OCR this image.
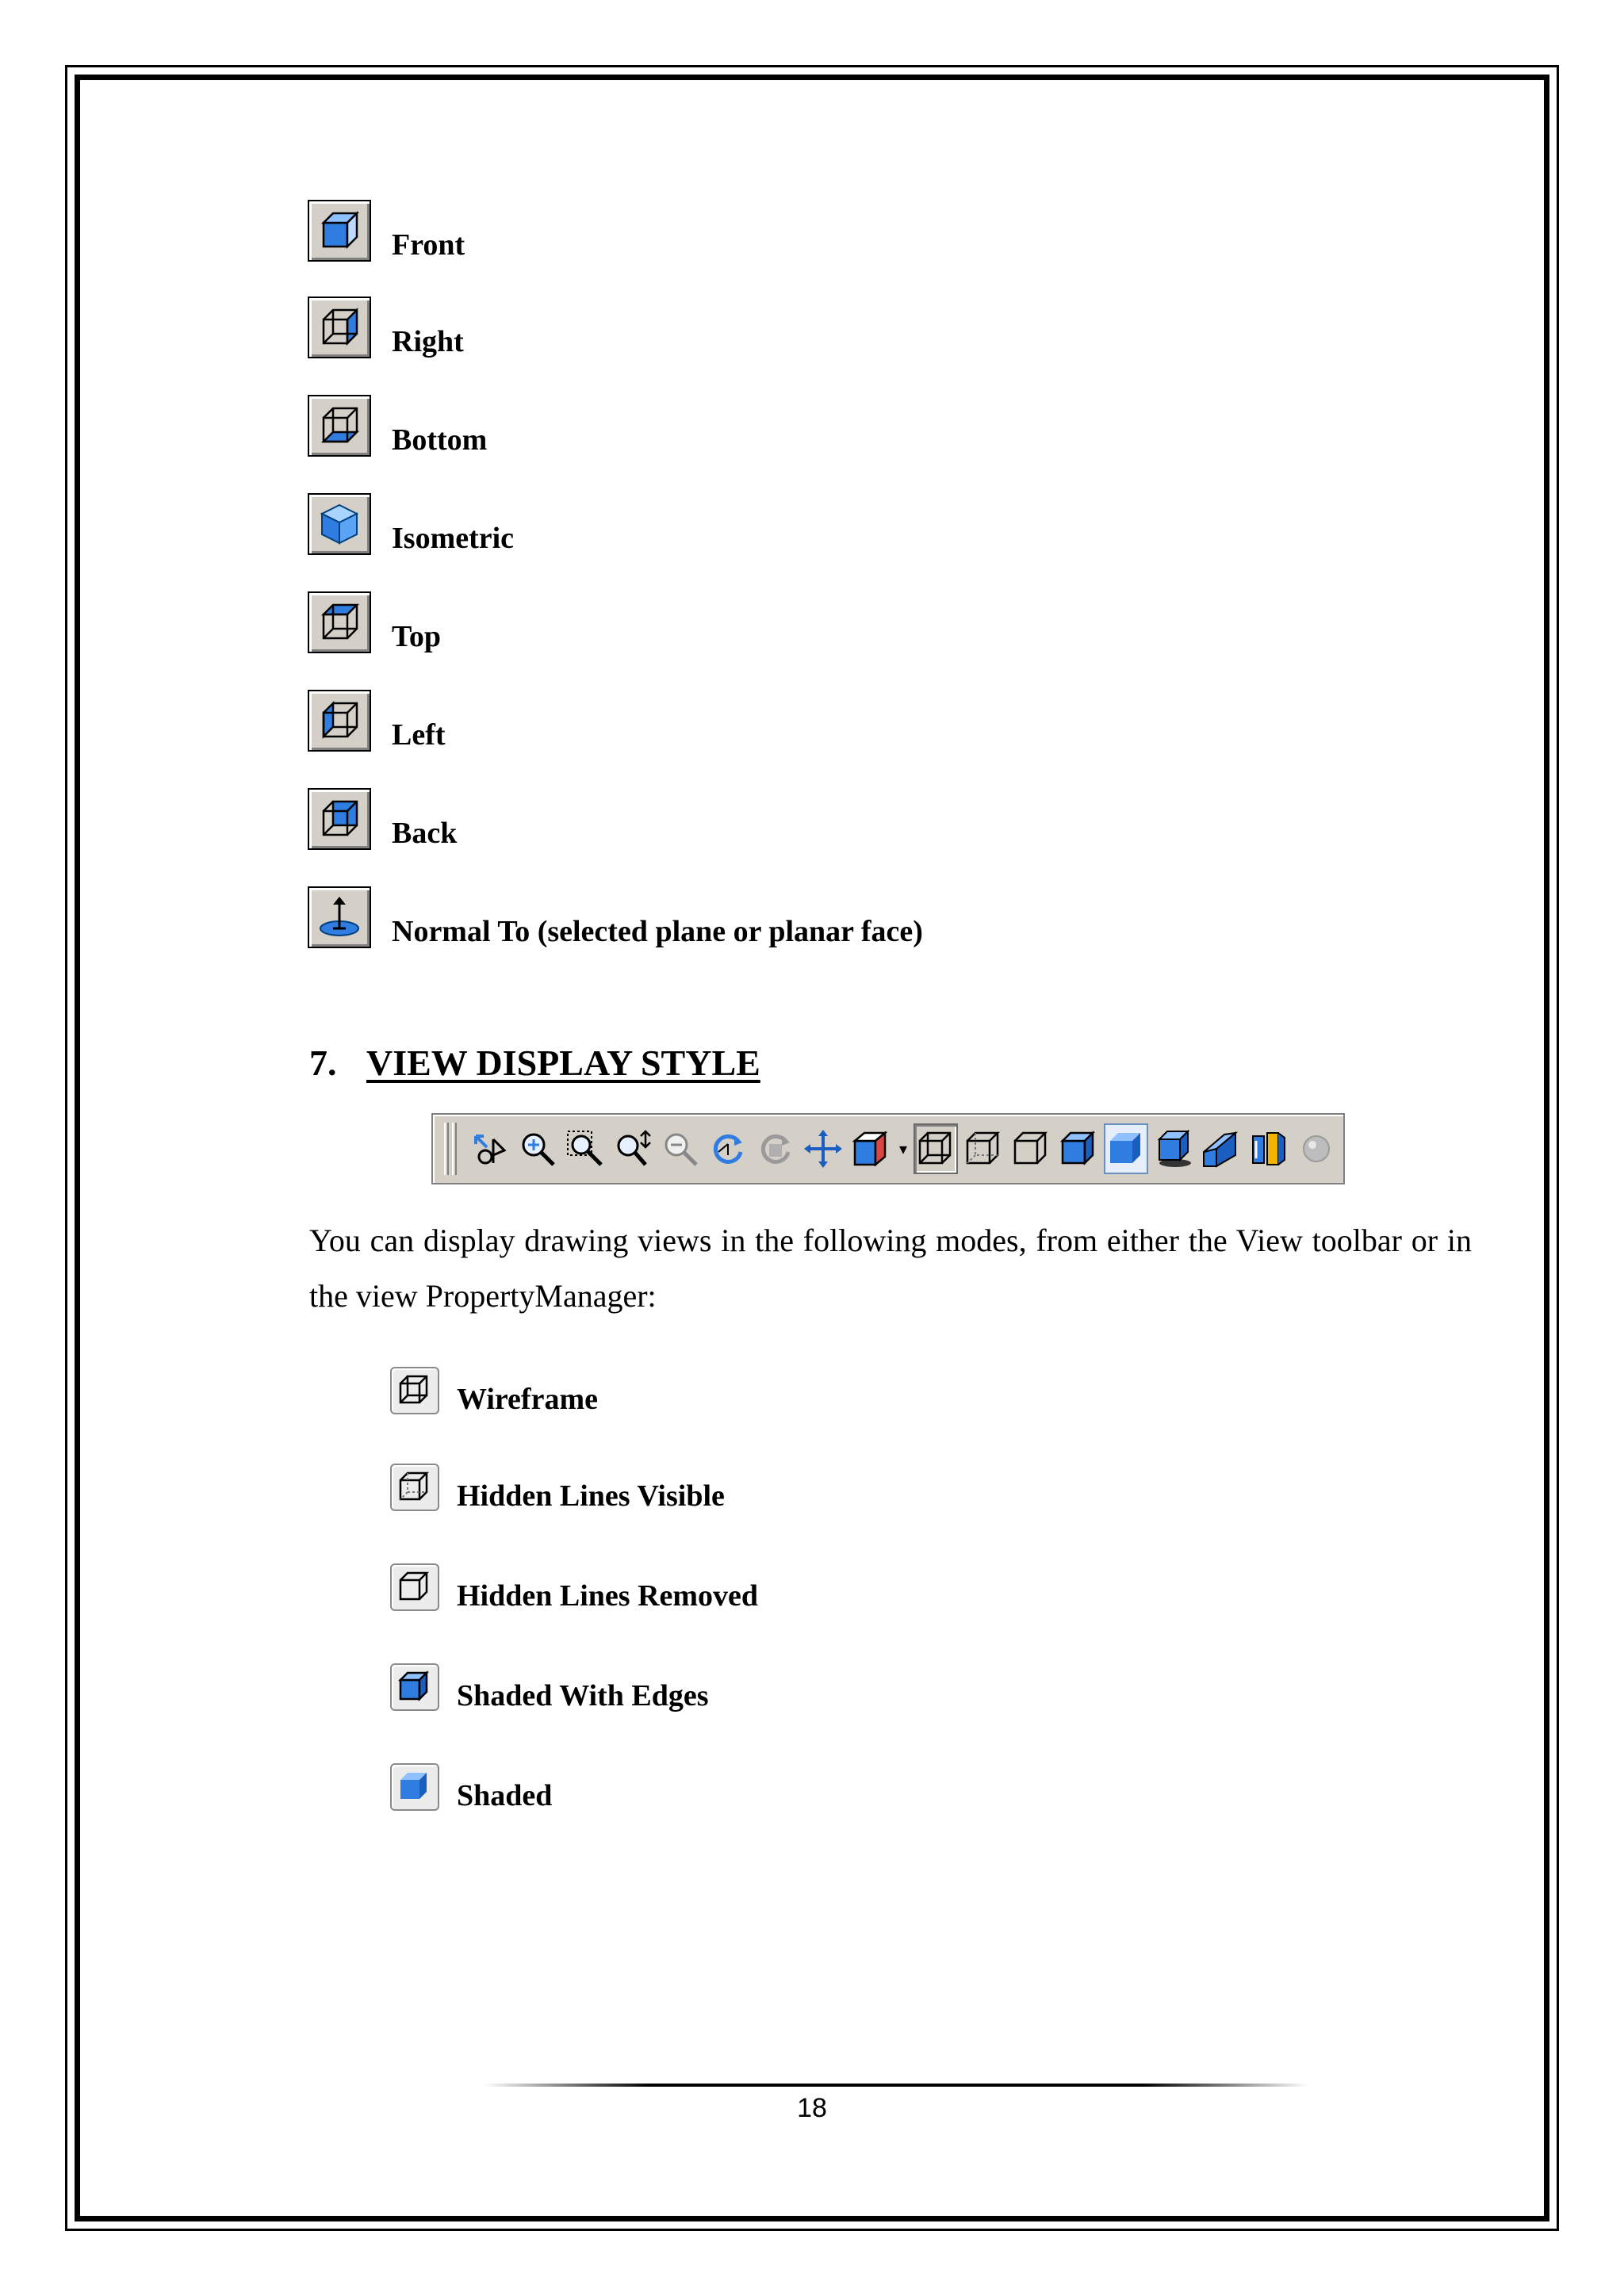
Front
Right
Bottom
Isometric
Top
Left
Back
Normal To (selected plane or planar face)
7. VIEW DISPLAY STYLE
▾
You can display drawing views in the following modes, from either the View toolbar or in the view PropertyManager:
Wireframe
Hidden Lines Visible
Hidden Lines Removed
Shaded With Edges
Shaded
18
